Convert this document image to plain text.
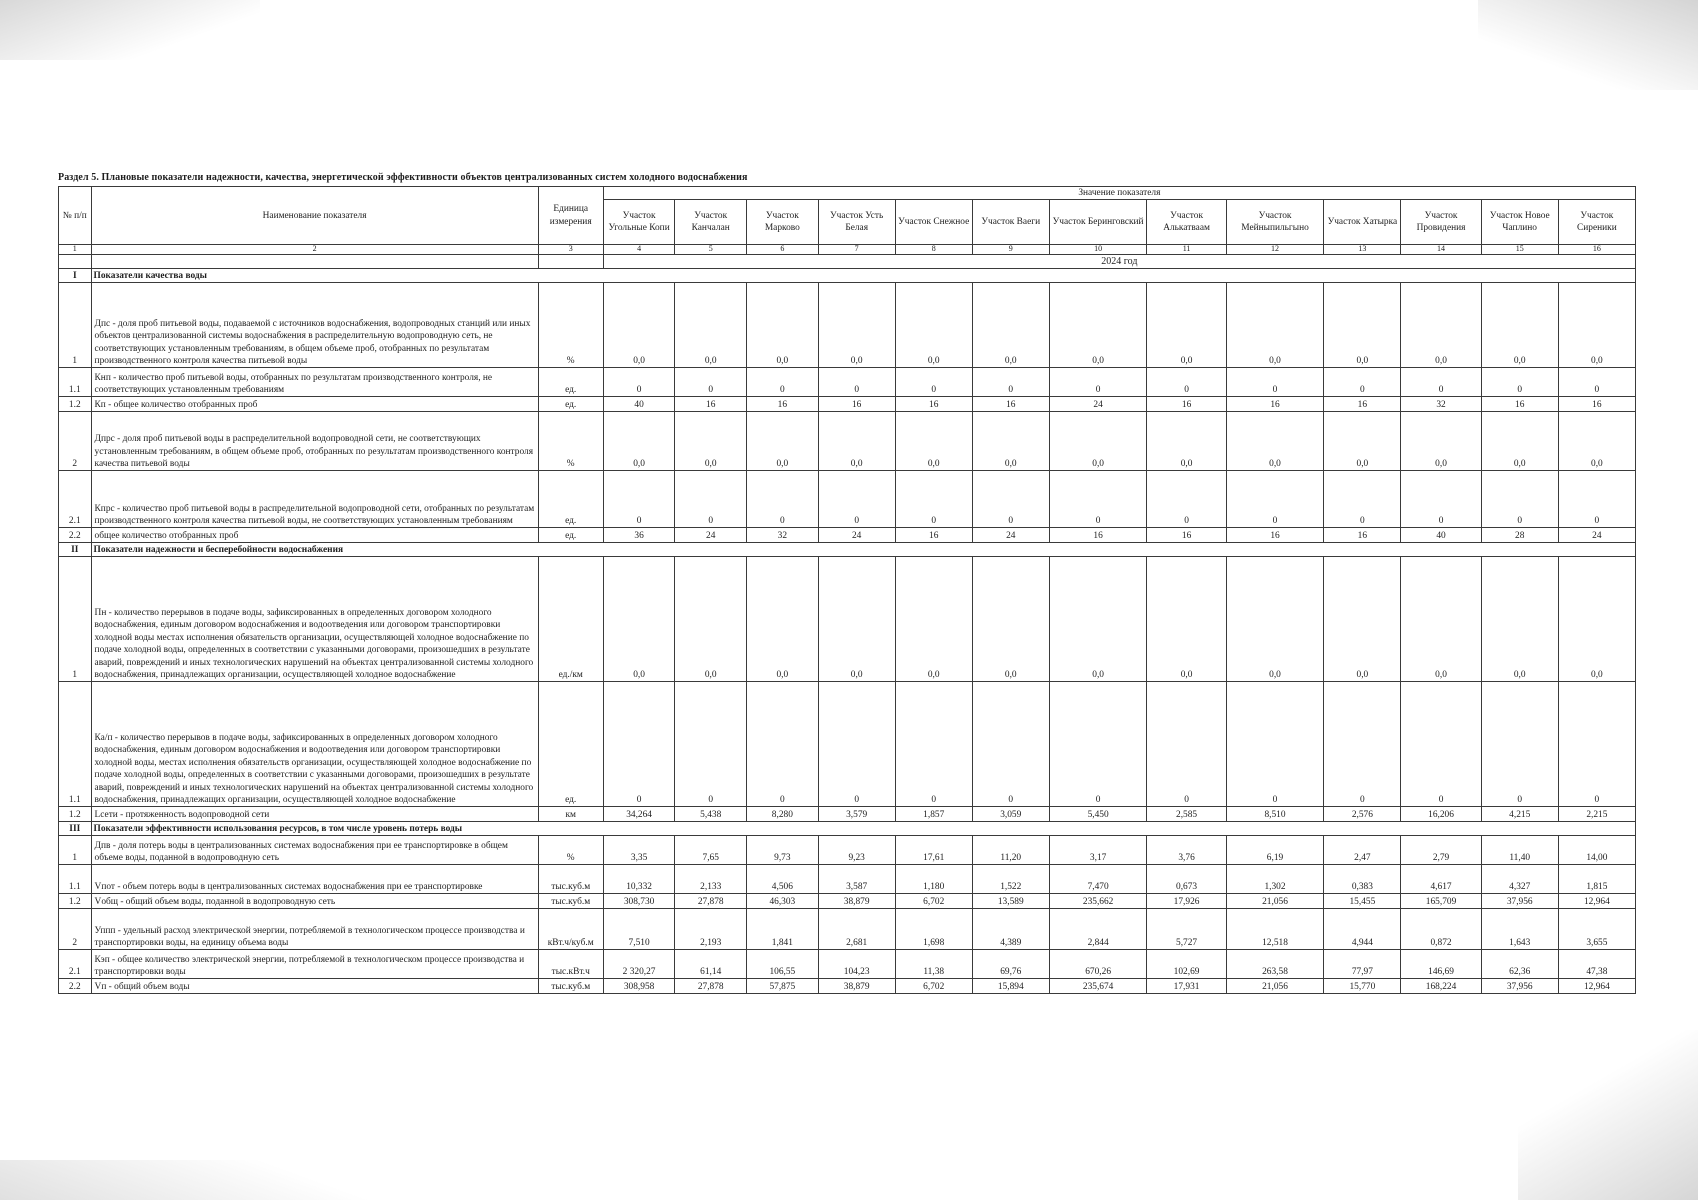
Раздел 5. Плановые показатели надежности, качества, энергетической эффективности объектов централизованных систем холодного водоснабжения
№ п/п	Наименование показателя	Единица измерения	Значение показателя												
			Участок Угольные Копи	Участок Канчалан	Участок Марково	Участок Усть Белая	Участок Снежное	Участок Ваеги	Участок Беринговский	Участок Алькатваам	Участок Мейныпильгыно	Участок Хатырка	Участок Провидения	Участок Новое Чаплино	Участок Сиреники
1	2	3	4	5	6	7	8	9	10	11	12	13	14	15	16
			2024 год												
I	Показатели качества воды														
1	Дпс - доля проб питьевой воды, подаваемой с источников водоснабжения, водопроводных станций или иных объектов централизованной системы водоснабжения в распределительную водопроводную сеть, не соответствующих установленным требованиям, в общем объеме проб, отобранных по результатам производственного контроля качества питьевой воды	%	0,0	0,0	0,0	0,0	0,0	0,0	0,0	0,0	0,0	0,0	0,0	0,0	0,0
1.1	Кнп - количество проб питьевой воды, отобранных по результатам производственного контроля, не соответствующих установленным требованиям	ед.	0	0	0	0	0	0	0	0	0	0	0	0	0
1.2	Кп - общее количество отобранных проб	ед.	40	16	16	16	16	16	24	16	16	16	32	16	16
2	Дпрс - доля проб питьевой воды в распределительной водопроводной сети, не соответствующих установленным требованиям, в общем объеме проб, отобранных по результатам производственного контроля качества питьевой воды	%	0,0	0,0	0,0	0,0	0,0	0,0	0,0	0,0	0,0	0,0	0,0	0,0	0,0
2.1	Кпрс - количество проб питьевой воды в распределительной водопроводной сети, отобранных по результатам производственного контроля качества питьевой воды, не соответствующих установленным требованиям	ед.	0	0	0	0	0	0	0	0	0	0	0	0	0
2.2	общее количество отобранных проб	ед.	36	24	32	24	16	24	16	16	16	16	40	28	24
II	Показатели надежности и бесперебойности водоснабжения														
1	Пн - количество перерывов в подаче воды, зафиксированных в определенных договором холодного водоснабжения, единым договором водоснабжения и водоотведения или договором транспортировки холодной воды местах исполнения обязательств организации, осуществляющей холодное водоснабжение по подаче холодной воды, определенных в соответствии с указанными договорами, произошедших в результате аварий, повреждений и иных технологических нарушений на объектах централизованной системы холодного водоснабжения, принадлежащих организации, осуществляющей холодное водоснабжение	ед./км	0,0	0,0	0,0	0,0	0,0	0,0	0,0	0,0	0,0	0,0	0,0	0,0	0,0
1.1	Ка/п - количество перерывов в подаче воды, зафиксированных в определенных договором холодного водоснабжения, единым договором водоснабжения и водоотведения или договором транспортировки холодной воды, местах исполнения обязательств организации, осуществляющей холодное водоснабжение по подаче холодной воды, определенных в соответствии с указанными договорами, произошедших в результате аварий, повреждений и иных технологических нарушений на объектах централизованной системы холодного водоснабжения, принадлежащих организации, осуществляющей холодное водоснабжение	ед.	0	0	0	0	0	0	0	0	0	0	0	0	0
1.2	Lсети - протяженность водопроводной сети	км	34,264	5,438	8,280	3,579	1,857	3,059	5,450	2,585	8,510	2,576	16,206	4,215	2,215
III	Показатели эффективности использования ресурсов, в том числе уровень потерь воды														
1	Дпв - доля потерь воды в централизованных системах водоснабжения при ее транспортировке в общем объеме воды, поданной в водопроводную сеть	%	3,35	7,65	9,73	9,23	17,61	11,20	3,17	3,76	6,19	2,47	2,79	11,40	14,00
1.1	Vпот - объем потерь воды в централизованных системах водоснабжения при ее транспортировке	тыс.куб.м	10,332	2,133	4,506	3,587	1,180	1,522	7,470	0,673	1,302	0,383	4,617	4,327	1,815
1.2	Vобщ - общий объем воды, поданной в водопроводную сеть	тыс.куб.м	308,730	27,878	46,303	38,879	6,702	13,589	235,662	17,926	21,056	15,455	165,709	37,956	12,964
2	Уппп - удельный расход электрической энергии, потребляемой в технологическом процессе производства и транспортировки воды, на единицу объема воды	кВт.ч/куб.м	7,510	2,193	1,841	2,681	1,698	4,389	2,844	5,727	12,518	4,944	0,872	1,643	3,655
2.1	Кэп - общее количество электрической энергии, потребляемой в технологическом процессе производства и транспортировки воды	тыс.кВт.ч	2 320,27	61,14	106,55	104,23	11,38	69,76	670,26	102,69	263,58	77,97	146,69	62,36	47,38
2.2	Vп - общий объем воды	тыс.куб.м	308,958	27,878	57,875	38,879	6,702	15,894	235,674	17,931	21,056	15,770	168,224	37,956	12,964
